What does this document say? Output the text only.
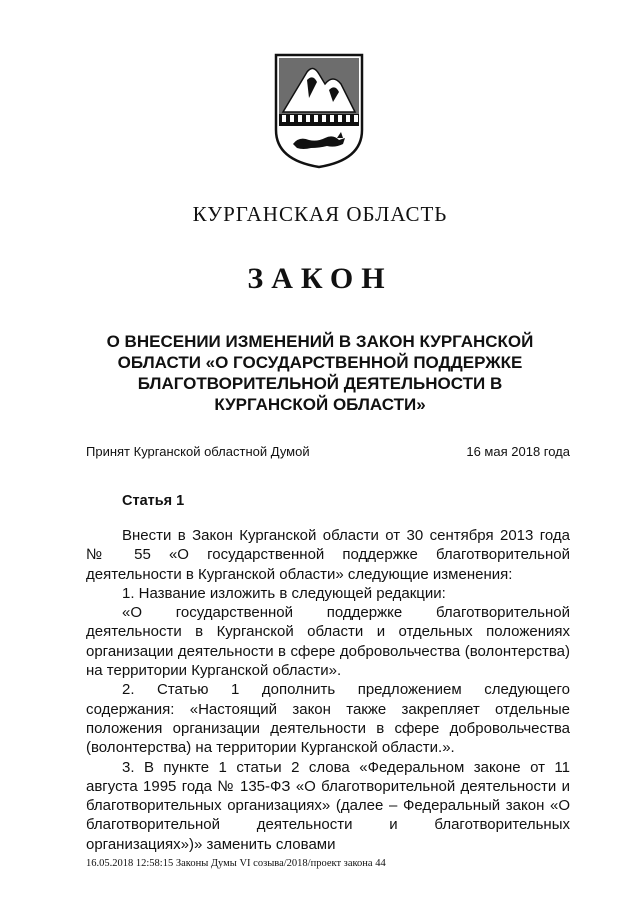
КУРГАНСКАЯ ОБЛАСТЬ
ЗАКОН
О ВНЕСЕНИИ ИЗМЕНЕНИЙ В ЗАКОН КУРГАНСКОЙ ОБЛАСТИ «О ГОСУДАРСТВЕННОЙ ПОДДЕРЖКЕ БЛАГОТВОРИТЕЛЬНОЙ ДЕЯТЕЛЬНОСТИ В КУРГАНСКОЙ ОБЛАСТИ»
Принят Курганской областной Думой	16 мая 2018 года
Статья 1

Внести в Закон Курганской области от 30 сентября 2013 года № 55 «О государственной поддержке благотворительной деятельности в Курганской области» следующие изменения:

1. Название изложить в следующей редакции:

«О государственной поддержке благотворительной деятельности в Курганской области и отдельных положениях организации деятельности в сфере добровольчества (волонтерства) на территории Курганской области».

2. Статью 1 дополнить предложением следующего содержания: «Настоящий закон также закрепляет отдельные положения организации деятельности в сфере добровольчества (волонтерства) на территории Курганской области.».

3. В пункте 1 статьи 2 слова «Федеральном законе от 11 августа 1995 года № 135-ФЗ «О благотворительной деятельности и благотворительных организациях» (далее – Федеральный закон «О благотворительной деятельности и благотворительных организациях»)» заменить словами

16.05.2018 12:58:15 Законы Думы VI созыва/2018/проект закона 44
